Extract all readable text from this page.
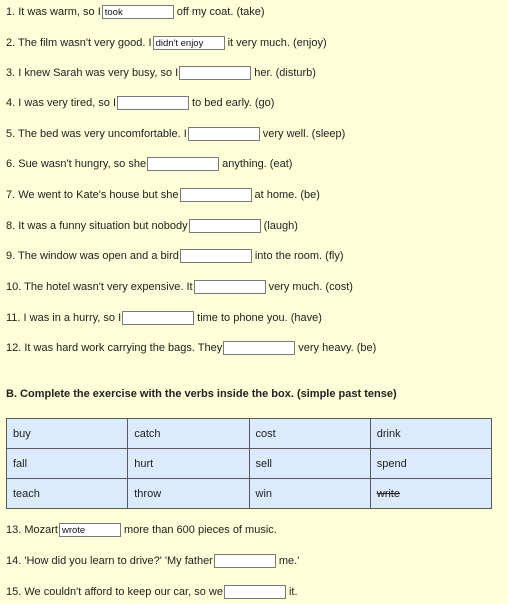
1. It was warm, so I
took	off my coat. (take)
2. The film wasn't very good. I
didn't enjoy	it very much. (enjoy)
3. I knew Sarah was very busy, so I	her. (disturb)
4. I was very tired, so I	to bed early. (go)
5. The bed was very uncomfortable. I	very well. (sleep)
6. Sue wasn't hungry, so she	anything. (eat)
7. We went to Kate's house but she	at home. (be)
8. It was a funny situation but nobody	(laugh)
9. The window was open and a bird	into the room. (fly)
10. The hotel wasn't very expensive. It	very much. (cost)
11. I was in a hurry, so I	time to phone you. (have)
12. It was hard work carrying the bags. They	very heavy. (be)
B. Complete the exercise with the verbs inside the box. (simple past tense)
buy	catch	cost	drink
fall	hurt	sell	spend
teach	throw	win	write
13. Mozart
wrote	more than 600 pieces of music.
14. 'How did you learn to drive?' 'My father	me.'
15. We couldn't afford to keep our car, so we	it.
